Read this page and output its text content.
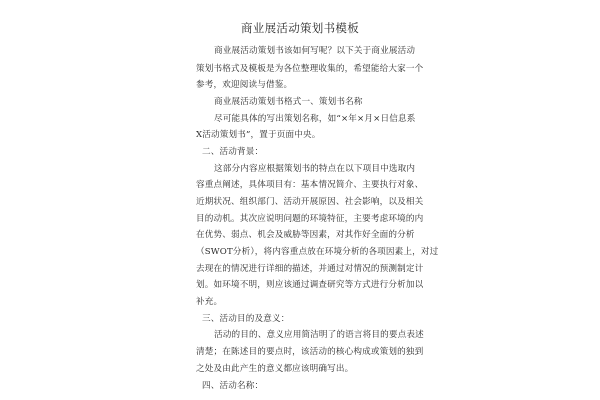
商业展活动策划书模板
商业展活动策划书该如何写呢？以下关于商业展活动
策划书格式及模板是为各位整理收集的，希望能给大家一个
参考，欢迎阅读与借鉴。
商业展活动策划书格式一、策划书名称
尽可能具体的写出策划名称，如“×年×月×日信息系
X活动策划书”，置于页面中央。
二、活动背景：
这部分内容应根据策划书的特点在以下项目中选取内
容重点阐述，具体项目有：基本情况简介、主要执行对象、
近期状况、组织部门、活动开展原因、社会影响，以及相关
目的动机。其次应说明问题的环境特征，主要考虑环境的内
在优势、弱点、机会及威胁等因素，对其作好全面的分析
（SWOT分析），将内容重点放在环境分析的各项因素上，对过
去现在的情况进行详细的描述，并通过对情况的预测制定计
划。如环境不明，则应该通过调查研究等方式进行分析加以
补充。
三、活动目的及意义：
活动的目的、意义应用简洁明了的语言将目的要点表述
清楚；在陈述目的要点时，该活动的核心构成或策划的独到
之处及由此产生的意义都应该明确写出。
四、活动名称：
